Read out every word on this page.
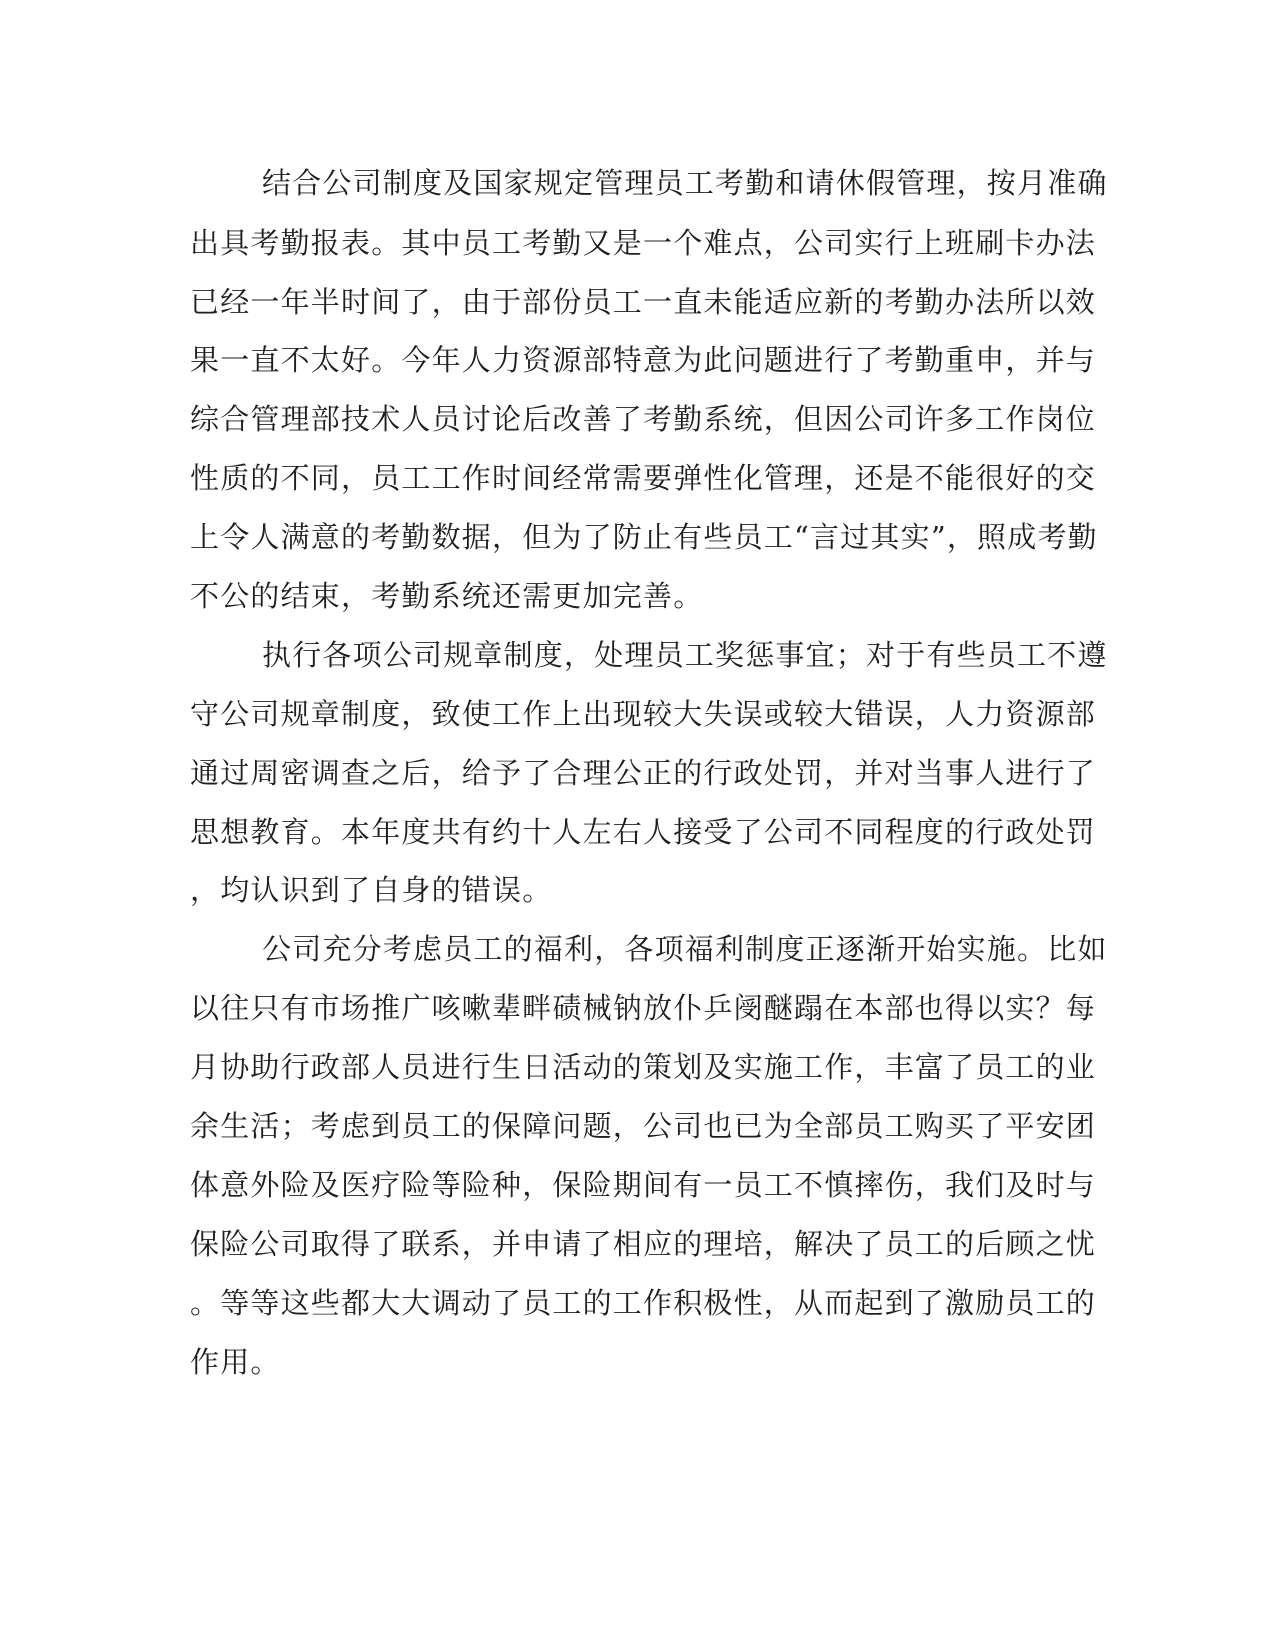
结合公司制度及国家规定管理员工考勤和请休假管理，按月准确
出具考勤报表。其中员工考勤又是一个难点，公司实行上班刷卡办法
已经一年半时间了，由于部份员工一直未能适应新的考勤办法所以效
果一直不太好。今年人力资源部特意为此问题进行了考勤重申，并与
综合管理部技术人员讨论后改善了考勤系统，但因公司许多工作岗位
性质的不同，员工工作时间经常需要弹性化管理，还是不能很好的交
上令人满意的考勤数据，但为了防止有些员工“言过其实”，照成考勤
不公的结束，考勤系统还需更加完善。
执行各项公司规章制度，处理员工奖惩事宜；对于有些员工不遵
守公司规章制度，致使工作上出现较大失误或较大错误，人力资源部
通过周密调查之后，给予了合理公正的行政处罚，并对当事人进行了
思想教育。本年度共有约十人左右人接受了公司不同程度的行政处罚
，均认识到了自身的错误。
公司充分考虑员工的福利，各项福利制度正逐渐开始实施。比如
以往只有市场推广咳嗽辈畔碛械钠放仆乒阌醚蹋在本部也得以实？每
月协助行政部人员进行生日活动的策划及实施工作，丰富了员工的业
余生活；考虑到员工的保障问题，公司也已为全部员工购买了平安团
体意外险及医疗险等险种，保险期间有一员工不慎摔伤，我们及时与
保险公司取得了联系，并申请了相应的理培，解决了员工的后顾之忧
。等等这些都大大调动了员工的工作积极性，从而起到了激励员工的
作用。
